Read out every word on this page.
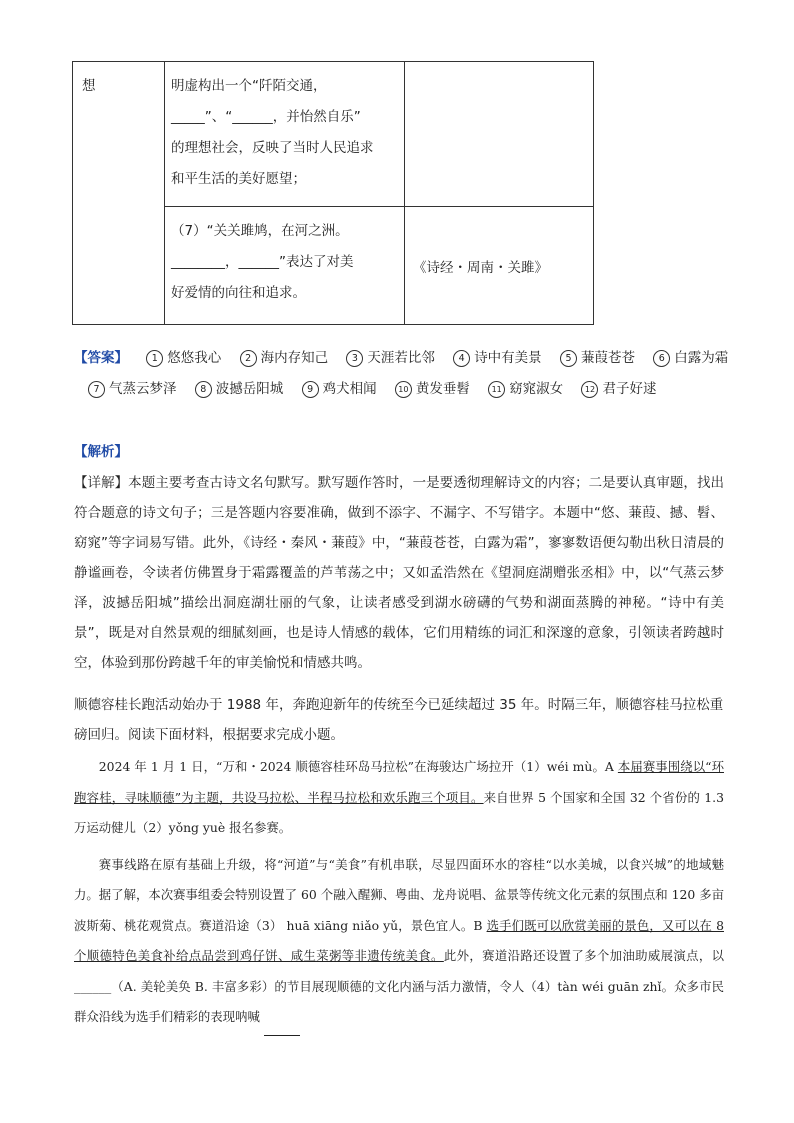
想	明虚构出一个“阡陌交通，
_____”、“______，并怡然自乐”
的理想社会，反映了当时人民追求
和平生活的美好愿望；	

	（7）“关关雎鸠，在河之洲。
________，______”表达了对美
好爱情的向往和追求。	《诗经・周南・关雎》
【答案】	1 悠悠我心	2 海内存知己	3 天涯若比邻	4 诗中有美景	5 蒹葭苍苍	6 白露为霜 7 气蒸云梦泽	8 波撼岳阳城	9 鸡犬相闻	10 黄发垂髫	11 窈窕淑女	12 君子好逑
【解析】
【详解】本题主要考查古诗文名句默写。默写题作答时，一是要透彻理解诗文的内容；二是要认真审题，找出符合题意的诗文句子；三是答题内容要准确，做到不添字、不漏字、不写错字。本题中“悠、蒹葭、撼、髫、窈窕”等字词易写错。此外，《诗经・秦风・蒹葭》中，“蒹葭苍苍，白露为霜”，寥寥数语便勾勒出秋日清晨的静谧画卷，令读者仿佛置身于霜露覆盖的芦苇荡之中；又如孟浩然在《望洞庭湖赠张丞相》中，以“气蒸云梦泽，波撼岳阳城”描绘出洞庭湖壮丽的气象，让读者感受到湖水磅礴的气势和湖面蒸腾的神秘。“诗中有美景”，既是对自然景观的细腻刻画，也是诗人情感的载体，它们用精练的词汇和深邃的意象，引领读者跨越时空，体验到那份跨越千年的审美愉悦和情感共鸣。
顺德容桂长跑活动始办于 1988 年，奔跑迎新年的传统至今已延续超过 35 年。时隔三年，顺德容桂马拉松重磅回归。阅读下面材料，根据要求完成小题。

2024 年 1 月 1 日，“万和・2024 顺德容桂环岛马拉松”在海骏达广场拉开（1）wéi mù。A 本届赛事围绕以“环跑容桂，寻味顺德”为主题，共设马拉松、半程马拉松和欢乐跑三个项目。来自世界 5 个国家和全国 32 个省份的 1.3 万运动健儿（2）yǒng yuè 报名参赛。

赛事线路在原有基础上升级，将“河道”与“美食”有机串联，尽显四面环水的容桂“以水美城，以食兴城”的地域魅力。据了解，本次赛事组委会特别设置了 60 个融入醒狮、粤曲、龙舟说唱、盆景等传统文化元素的氛围点和 120 多亩波斯菊、桃花观赏点。赛道沿途（3） huā xiāng niǎo yǔ，景色宜人。B 选手们既可以欣赏美丽的景色，又可以在 8 个顺德特色美食补给点品尝到鸡仔饼、咸生菜粥等非遗传统美食。此外，赛道沿路还设置了多个加油助威展演点，以______（A. 美轮美奂 B. 丰富多彩）的节目展现顺德的文化内涵与活力激情，令人（4）tàn wéi guān zhǐ。众多市民群众沿线为选手们精彩的表现呐喊
